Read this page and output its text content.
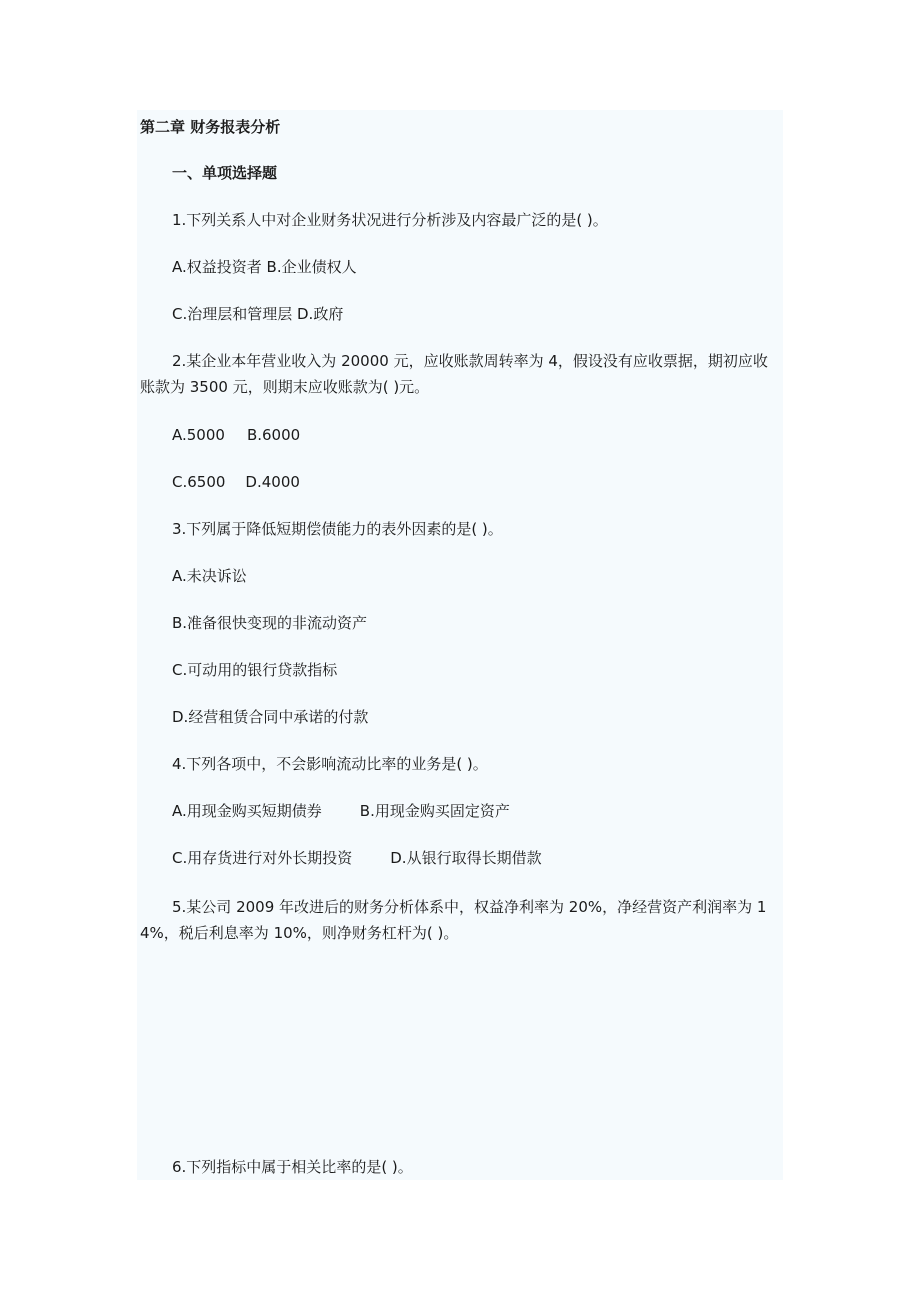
第二章 财务报表分析
一、单项选择题
1.下列关系人中对企业财务状况进行分析涉及内容最广泛的是( )。
A.权益投资者 B.企业债权人
C.治理层和管理层 D.政府
2.某企业本年营业收入为 20000 元，应收账款周转率为 4，假设没有应收票据，期初应收账款为 3500 元，则期末应收账款为( )元。
A.5000 B.6000
C.6500 D.4000
3.下列属于降低短期偿债能力的表外因素的是( )。
A.未决诉讼
B.准备很快变现的非流动资产
C.可动用的银行贷款指标
D.经营租赁合同中承诺的付款
4.下列各项中，不会影响流动比率的业务是( )。
A.用现金购买短期债券	B.用现金购买固定资产
C.用存货进行对外长期投资	D.从银行取得长期借款
5.某公司 2009 年改进后的财务分析体系中，权益净利率为 20%，净经营资产利润率为 14%，税后利息率为 10%，则净财务杠杆为( )。
6.下列指标中属于相关比率的是( )。
